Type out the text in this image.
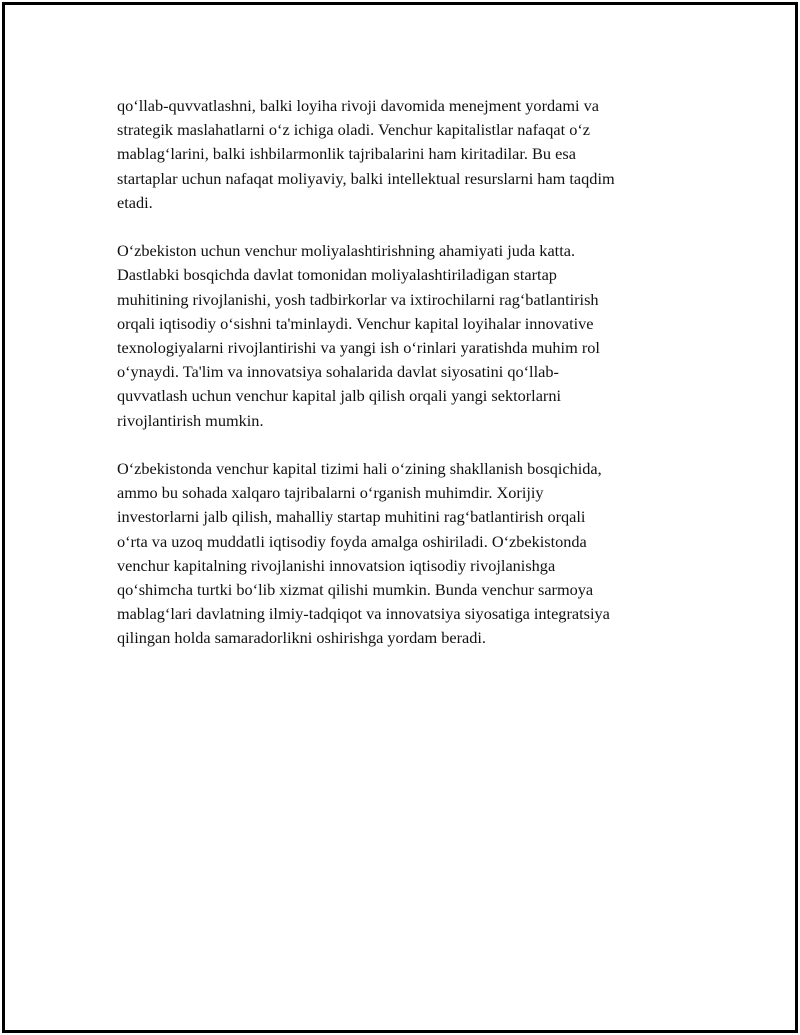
qo‘llab-quvvatlashni, balki loyiha rivoji davomida menejment yordami va
strategik maslahatlarni o‘z ichiga oladi. Venchur kapitalistlar nafaqat o‘z
mablag‘larini, balki ishbilarmonlik tajribalarini ham kiritadilar. Bu esa
startaplar uchun nafaqat moliyaviy, balki intellektual resurslarni ham taqdim
etadi.

O‘zbekiston uchun venchur moliyalashtirishning ahamiyati juda katta.
Dastlabki bosqichda davlat tomonidan moliyalashtiriladigan startap
muhitining rivojlanishi, yosh tadbirkorlar va ixtirochilarni rag‘batlantirish
orqali iqtisodiy o‘sishni ta'minlaydi. Venchur kapital loyihalar innovative
texnologiyalarni rivojlantirishi va yangi ish o‘rinlari yaratishda muhim rol
o‘ynaydi. Ta'lim va innovatsiya sohalarida davlat siyosatini qo‘llab-
quvvatlash uchun venchur kapital jalb qilish orqali yangi sektorlarni
rivojlantirish mumkin.

O‘zbekistonda venchur kapital tizimi hali o‘zining shakllanish bosqichida,
ammo bu sohada xalqaro tajribalarni o‘rganish muhimdir. Xorijiy
investorlarni jalb qilish, mahalliy startap muhitini rag‘batlantirish orqali
o‘rta va uzoq muddatli iqtisodiy foyda amalga oshiriladi. O‘zbekistonda
venchur kapitalning rivojlanishi innovatsion iqtisodiy rivojlanishga
qo‘shimcha turtki bo‘lib xizmat qilishi mumkin. Bunda venchur sarmoya
mablag‘lari davlatning ilmiy-tadqiqot va innovatsiya siyosatiga integratsiya
qilingan holda samaradorlikni oshirishga yordam beradi.
